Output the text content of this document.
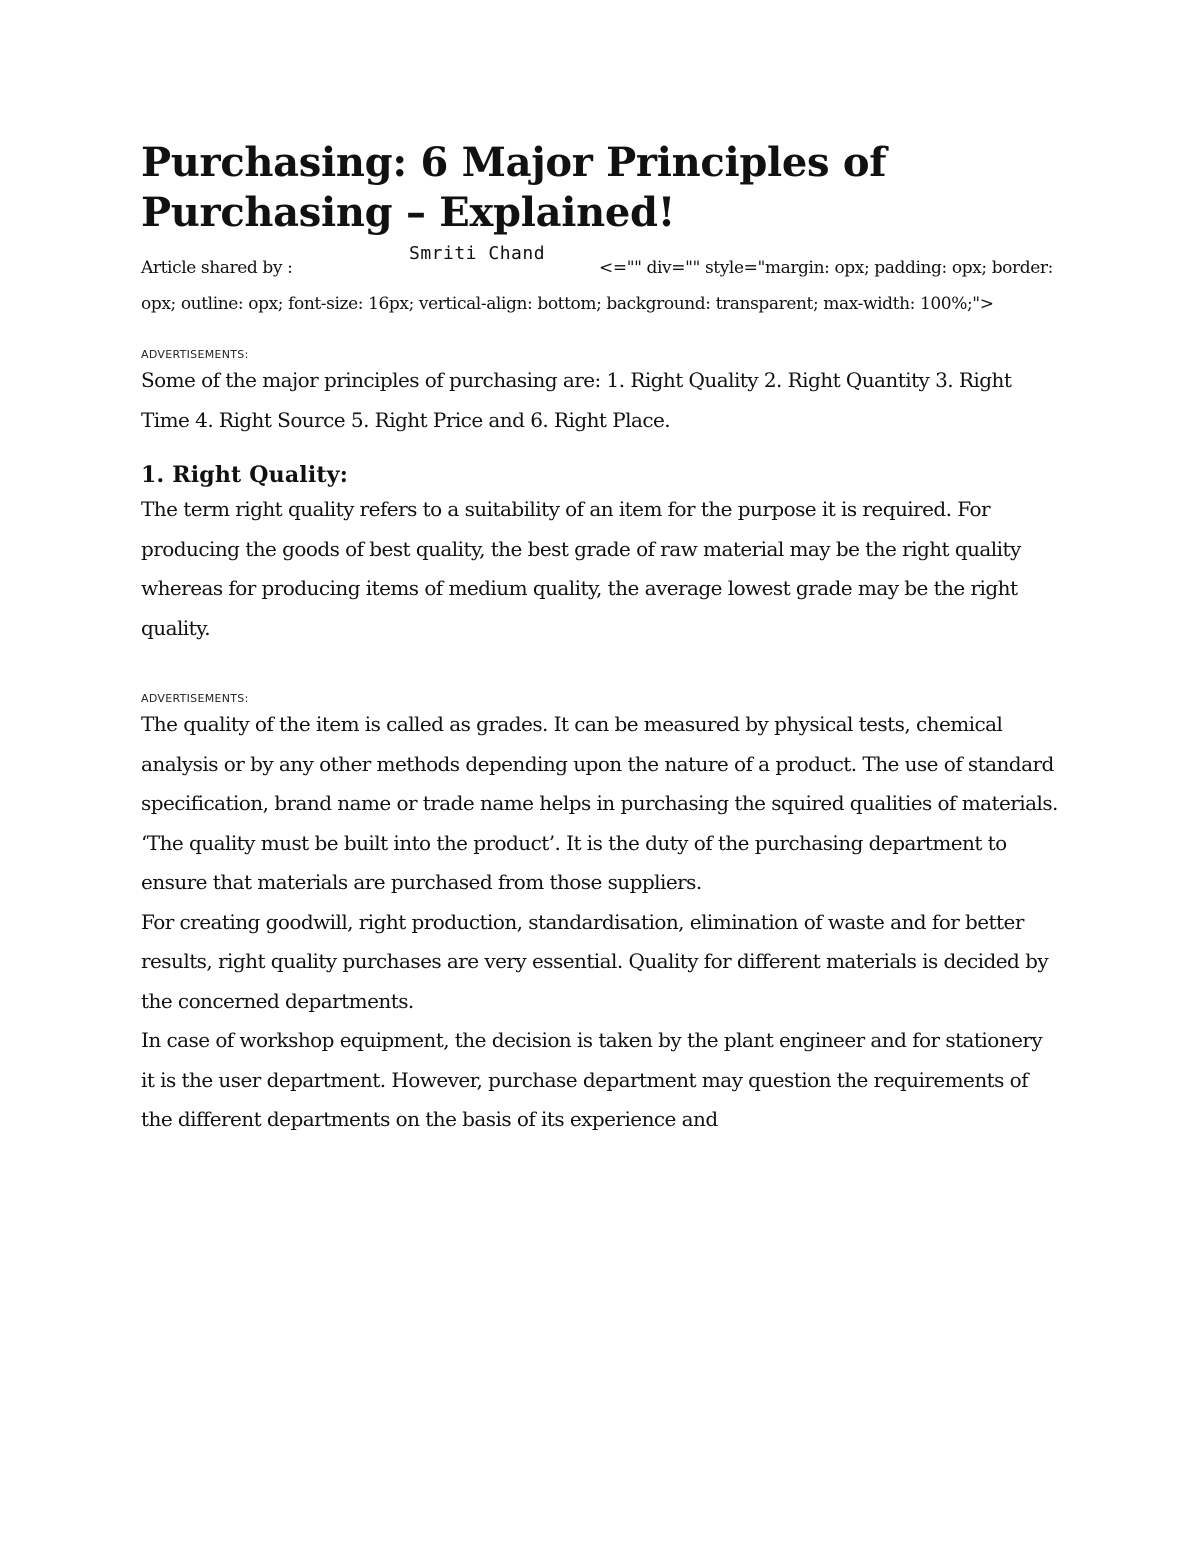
Purchasing: 6 Major Principles of Purchasing – Explained!
Article shared by :
Smriti Chand
<="" div="" style="margin: opx; padding: opx; border: opx; outline: opx; font-size: 16px; vertical-align: bottom; background: transparent; max-width: 100%;">

ADVERTISEMENTS:

Some of the major principles of purchasing are: 1. Right Quality 2. Right Quantity 3. Right Time 4. Right Source 5. Right Price and 6. Right Place.

1. Right Quality:

The term right quality refers to a suitability of an item for the purpose it is required. For producing the goods of best quality, the best grade of raw material may be the right quality whereas for producing items of medium quality, the average lowest grade may be the right quality.

ADVERTISEMENTS:

The quality of the item is called as grades. It can be measured by physical tests, chemical analysis or by any other methods depending upon the nature of a product. The use of standard specification, brand name or trade name helps in purchasing the squired qualities of materials. ‘The quality must be built into the product’. It is the duty of the purchasing department to ensure that materials are purchased from those suppliers.

For creating goodwill, right production, standardisation, elimination of waste and for better results, right quality purchases are very essential. Quality for different materials is decided by the concerned departments.

In case of workshop equipment, the decision is taken by the plant engineer and for stationery it is the user department. However, purchase department may question the requirements of the different departments on the basis of its experience and
